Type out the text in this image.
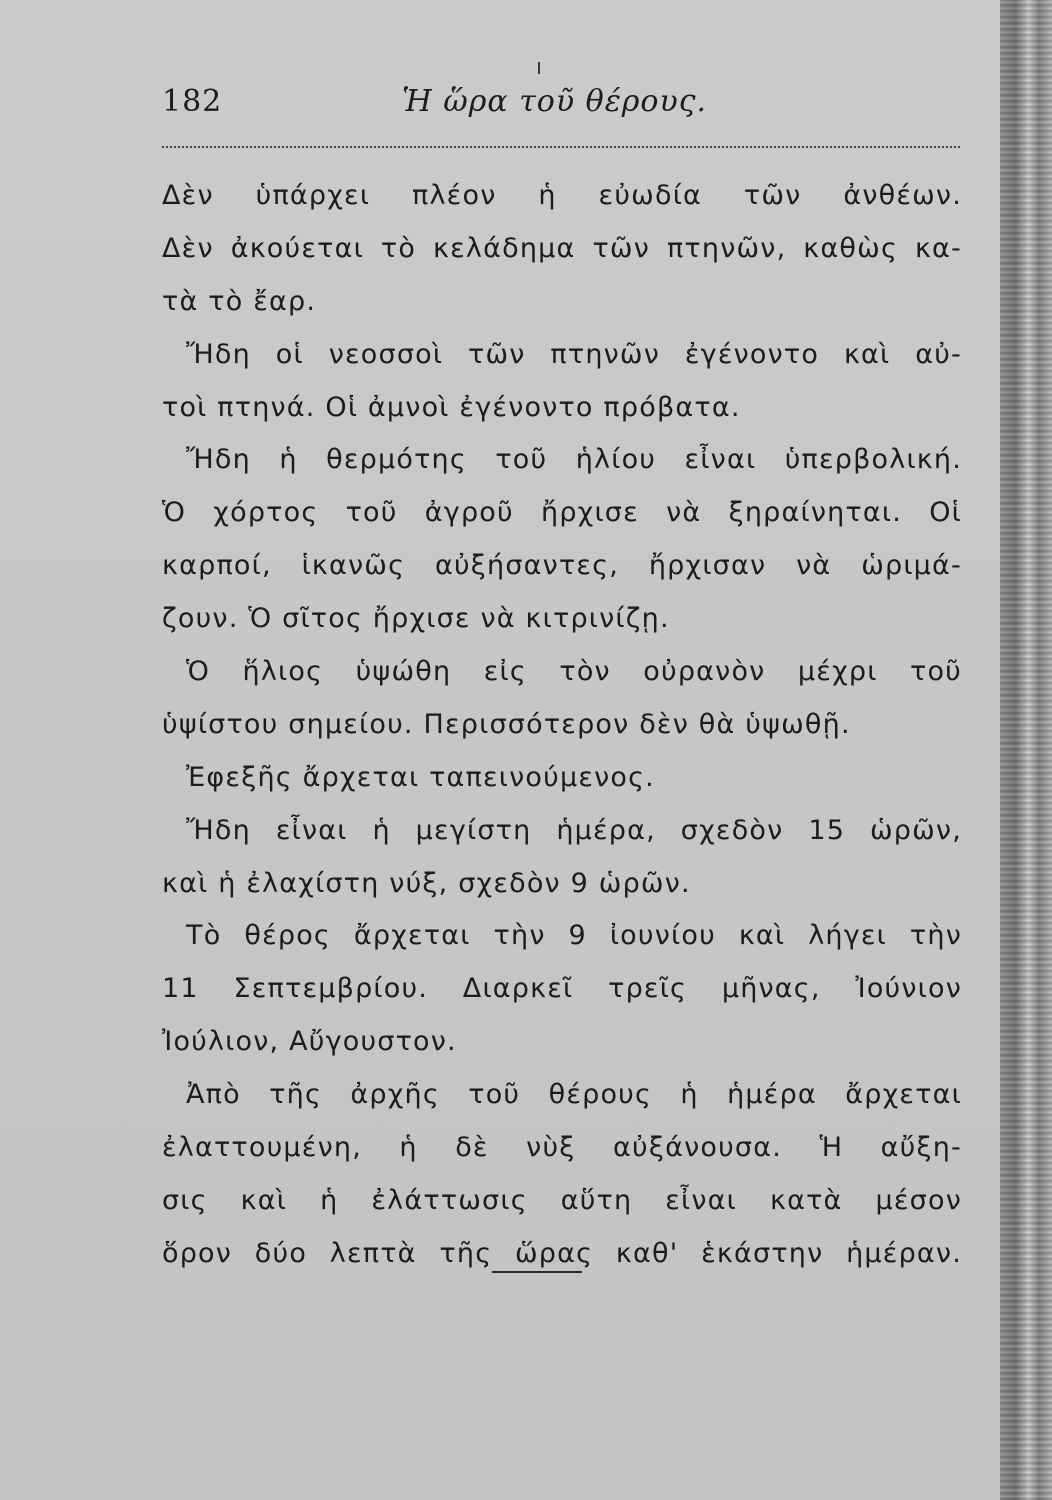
182	Ἡ ὥρα τοῦ θέρους.
Δὲν ὑπάρχει πλέον ἡ εὐωδία τῶν ἀνθέων.
Δὲν ἀκούεται τὸ κελάδημα τῶν πτηνῶν, καθὼς κα-
τὰ τὸ ἔαρ.
Ἤδη οἱ νεοσσοὶ τῶν πτηνῶν ἐγένοντο καὶ αὐ-
τοὶ πτηνά. Οἱ ἀμνοὶ ἐγένοντο πρόβατα.
Ἤδη ἡ θερμότης τοῦ ἡλίου εἶναι ὑπερβολική.
Ὁ χόρτος τοῦ ἀγροῦ ἤρχισε νὰ ξηραίνηται. Οἱ
καρποί, ἱκανῶς αὐξήσαντες, ἤρχισαν νὰ ὡριμά-
ζουν. Ὁ σῖτος ἤρχισε νὰ κιτρινίζῃ.
Ὁ ἥλιος ὑψώθη εἰς τὸν οὐρανὸν μέχρι τοῦ
ὑψίστου σημείου. Περισσότερον δὲν θὰ ὑψωθῇ.
Ἐφεξῆς ἄρχεται ταπεινούμενος.
Ἤδη εἶναι ἡ μεγίστη ἡμέρα, σχεδὸν 15 ὡρῶν,
καὶ ἡ ἐλαχίστη νύξ, σχεδὸν 9 ὡρῶν.
Τὸ θέρος ἄρχεται τὴν 9 ἰουνίου καὶ λήγει τὴν
11 Σεπτεμβρίου. Διαρκεῖ τρεῖς μῆνας, Ἰούνιον
Ἰούλιον, Αὔγουστον.
Ἀπὸ τῆς ἀρχῆς τοῦ θέρους ἡ ἡμέρα ἄρχεται
ἐλαττουμένη, ἡ δὲ νὺξ αὐξάνουσα. Ἡ αὔξη-
σις καὶ ἡ ἐλάττωσις αὕτη εἶναι κατὰ μέσον
ὅρον δύο λεπτὰ τῆς ὥρας καθ' ἑκάστην ἡμέραν.
